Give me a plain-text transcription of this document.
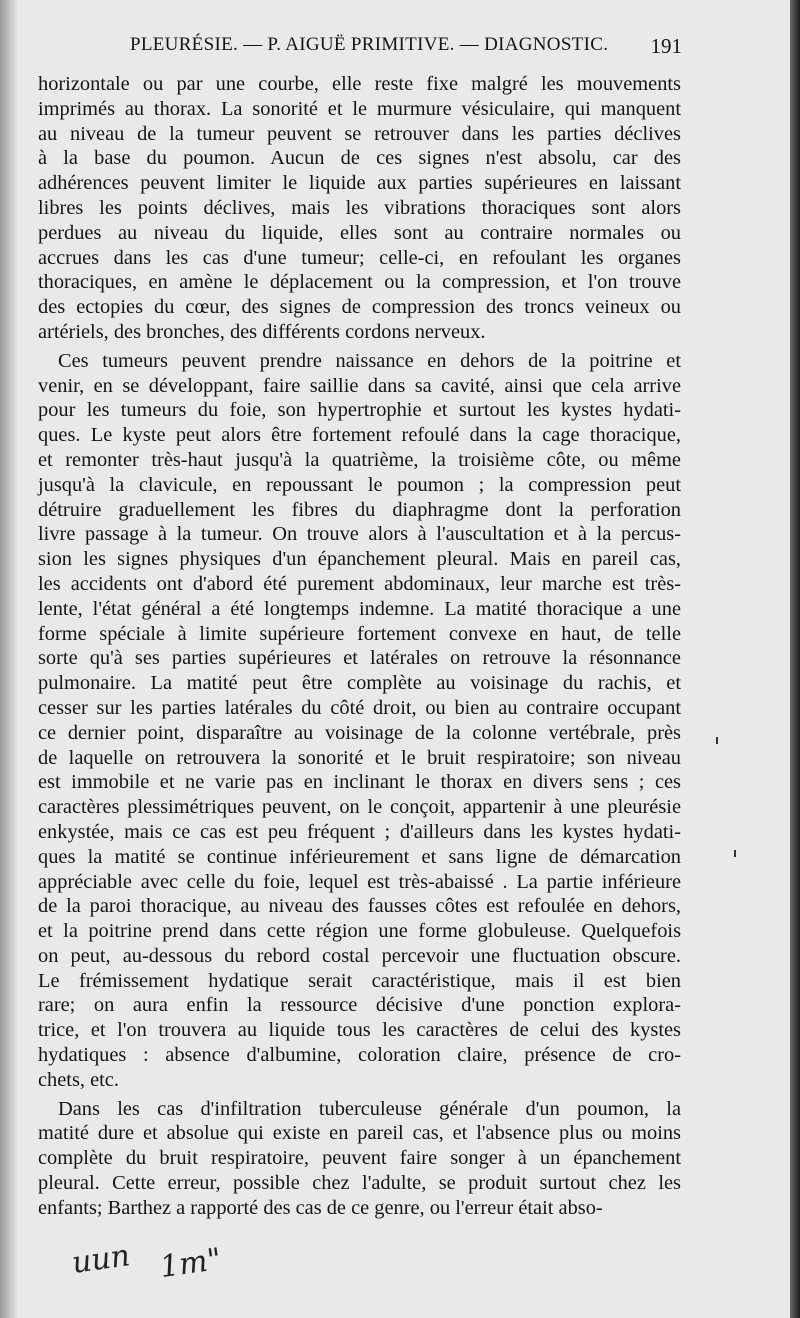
PLEURÉSIE. — P. AIGUË PRIMITIVE. — DIAGNOSTIC. 191
horizontale ou par une courbe, elle reste fixe malgré les mouvements
imprimés au thorax. La sonorité et le murmure vésiculaire, qui manquent
au niveau de la tumeur peuvent se retrouver dans les parties déclives
à la base du poumon. Aucun de ces signes n'est absolu, car des
adhérences peuvent limiter le liquide aux parties supérieures en laissant
libres les points déclives, mais les vibrations thoraciques sont alors
perdues au niveau du liquide, elles sont au contraire normales ou
accrues dans les cas d'une tumeur; celle-ci, en refoulant les organes
thoraciques, en amène le déplacement ou la compression, et l'on trouve
des ectopies du cœur, des signes de compression des troncs veineux ou
artériels, des bronches, des différents cordons nerveux.
Ces tumeurs peuvent prendre naissance en dehors de la poitrine et
venir, en se développant, faire saillie dans sa cavité, ainsi que cela arrive
pour les tumeurs du foie, son hypertrophie et surtout les kystes hydati-
ques. Le kyste peut alors être fortement refoulé dans la cage thoracique,
et remonter très-haut jusqu'à la quatrième, la troisième côte, ou même
jusqu'à la clavicule, en repoussant le poumon ; la compression peut
détruire graduellement les fibres du diaphragme dont la perforation
livre passage à la tumeur. On trouve alors à l'auscultation et à la percus-
sion les signes physiques d'un épanchement pleural. Mais en pareil cas,
les accidents ont d'abord été purement abdominaux, leur marche est très-
lente, l'état général a été longtemps indemne. La matité thoracique a une
forme spéciale à limite supérieure fortement convexe en haut, de telle
sorte qu'à ses parties supérieures et latérales on retrouve la résonnance
pulmonaire. La matité peut être complète au voisinage du rachis, et
cesser sur les parties latérales du côté droit, ou bien au contraire occupant
ce dernier point, disparaître au voisinage de la colonne vertébrale, près
de laquelle on retrouvera la sonorité et le bruit respiratoire; son niveau
est immobile et ne varie pas en inclinant le thorax en divers sens ; ces
caractères plessimétriques peuvent, on le conçoit, appartenir à une pleurésie
enkystée, mais ce cas est peu fréquent ; d'ailleurs dans les kystes hydati-
ques la matité se continue inférieurement et sans ligne de démarcation
appréciable avec celle du foie, lequel est très-abaissé . La partie inférieure
de la paroi thoracique, au niveau des fausses côtes est refoulée en dehors,
et la poitrine prend dans cette région une forme globuleuse. Quelquefois
on peut, au-dessous du rebord costal percevoir une fluctuation obscure.
Le frémissement hydatique serait caractéristique, mais il est bien
rare; on aura enfin la ressource décisive d'une ponction explora-
trice, et l'on trouvera au liquide tous les caractères de celui des kystes
hydatiques : absence d'albumine, coloration claire, présence de cro-
chets, etc.
Dans les cas d'infiltration tuberculeuse générale d'un poumon, la
matité dure et absolue qui existe en pareil cas, et l'absence plus ou moins
complète du bruit respiratoire, peuvent faire songer à un épanchement
pleural. Cette erreur, possible chez l'adulte, se produit surtout chez les
enfants; Barthez a rapporté des cas de ce genre, ou l'erreur était abso-
uun 1m"
